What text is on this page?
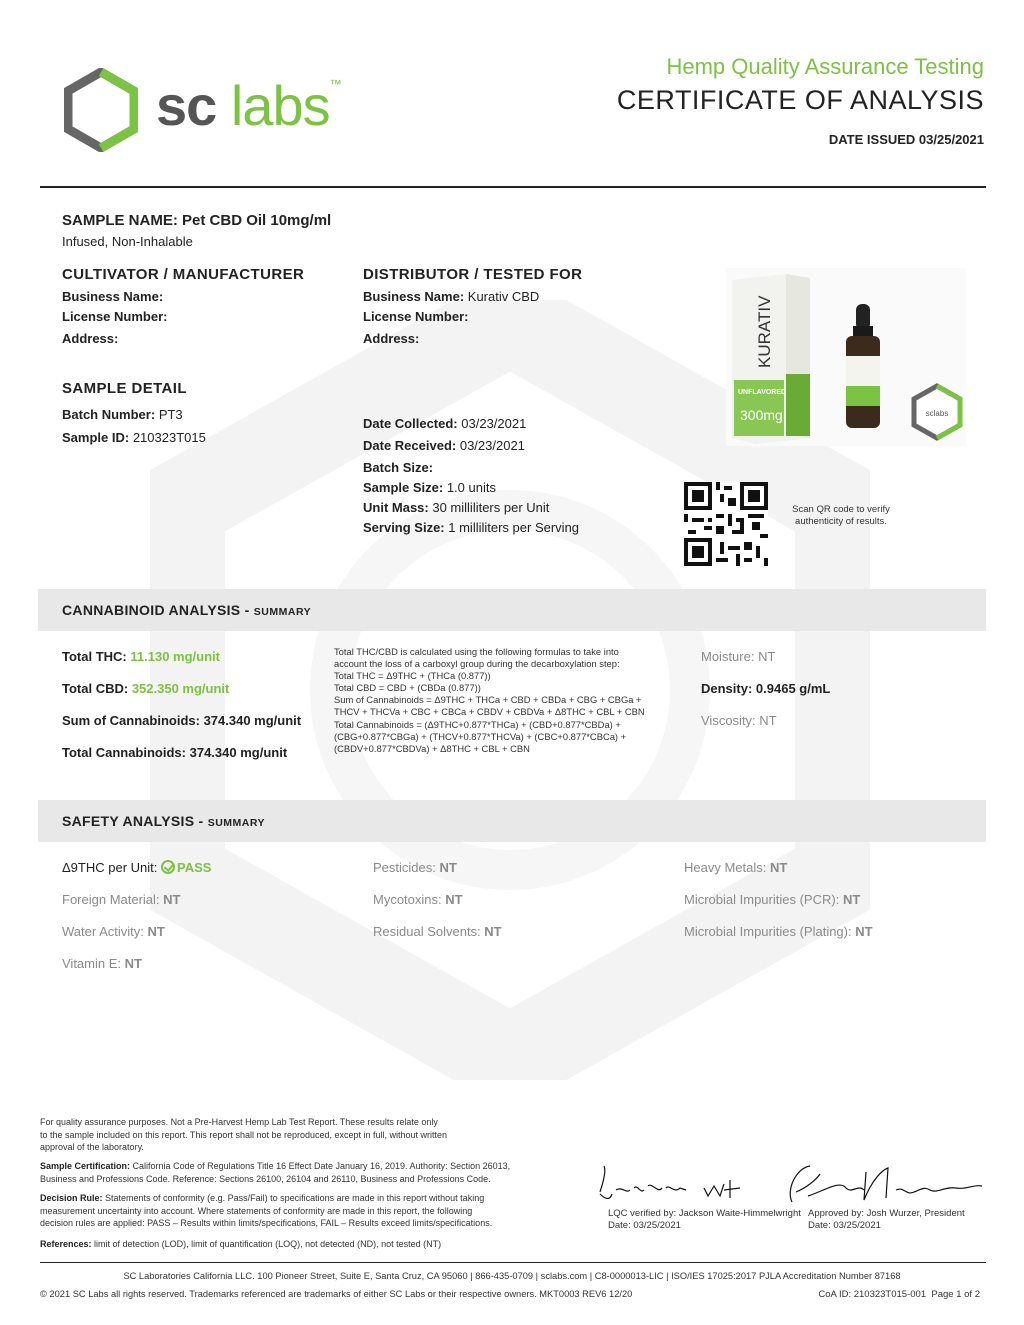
sc labs™
Hemp Quality Assurance Testing
CERTIFICATE OF ANALYSIS
DATE ISSUED 03/25/2021
SAMPLE NAME: Pet CBD Oil 10mg/ml
Infused, Non-Inhalable
CULTIVATOR / MANUFACTURER
Business Name:
License Number:
Address:
DISTRIBUTOR / TESTED FOR
Business Name: Kurativ CBD
License Number:
Address:
SAMPLE DETAIL
Batch Number: PT3
Sample ID: 210323T015
Date Collected: 03/23/2021
Date Received: 03/23/2021
Batch Size:
Sample Size: 1.0 units
Unit Mass: 30 milliliters per Unit
Serving Size: 1 milliliters per Serving
KURATIV
UNFLAVORED
300mg	sclabs
Scan QR code to verify authenticity of results.
CANNABINOID ANALYSIS - SUMMARY
Total THC: 11.130 mg/unit
Total CBD: 352.350 mg/unit
Sum of Cannabinoids: 374.340 mg/unit
Total Cannabinoids: 374.340 mg/unit
Total THC/CBD is calculated using the following formulas to take into
account the loss of a carboxyl group during the decarboxylation step:
Total THC = Δ9THC + (THCa (0.877))
Total CBD = CBD + (CBDa (0.877))
Sum of Cannabinoids = Δ9THC + THCa + CBD + CBDa + CBG + CBGa +
THCV + THCVa + CBC + CBCa + CBDV + CBDVa + Δ8THC + CBL + CBN
Total Cannabinoids = (Δ9THC+0.877*THCa) + (CBD+0.877*CBDa) +
(CBG+0.877*CBGa) + (THCV+0.877*THCVa) + (CBC+0.877*CBCa) +
(CBDV+0.877*CBDVa) + Δ8THC + CBL + CBN
Moisture: NT
Density: 0.9465 g/mL
Viscosity: NT
SAFETY ANALYSIS - SUMMARY
Δ9THC per Unit: PASS	Pesticides: NT	Heavy Metals: NT
Foreign Material: NT	Mycotoxins: NT	Microbial Impurities (PCR): NT
Water Activity: NT	Residual Solvents: NT	Microbial Impurities (Plating): NT
Vitamin E: NT
For quality assurance purposes. Not a Pre-Harvest Hemp Lab Test Report. These results relate only
to the sample included on this report. This report shall not be reproduced, except in full, without written
approval of the laboratory.
Sample Certification: California Code of Regulations Title 16 Effect Date January 16, 2019. Authority: Section 26013,
Business and Professions Code. Reference: Sections 26100, 26104 and 26110, Business and Professions Code.
Decision Rule: Statements of conformity (e.g. Pass/Fail) to specifications are made in this report without taking
measurement uncertainty into account. Where statements of conformity are made in this report, the following
decision rules are applied: PASS – Results within limits/specifications, FAIL – Results exceed limits/specifications.
References: limit of detection (LOD), limit of quantification (LOQ), not detected (ND), not tested (NT)
LQC verified by: Jackson Waite-Himmelwright
Date: 03/25/2021
Approved by: Josh Wurzer, President
Date: 03/25/2021
SC Laboratories California LLC. 100 Pioneer Street, Suite E, Santa Cruz, CA 95060 | 866-435-0709 | sclabs.com | C8-0000013-LIC | ISO/IES 17025:2017 PJLA Accreditation Number 87168
© 2021 SC Labs all rights reserved. Trademarks referenced are trademarks of either SC Labs or their respective owners. MKT0003 REV6 12/20	CoA ID: 210323T015-001 Page 1 of 2
